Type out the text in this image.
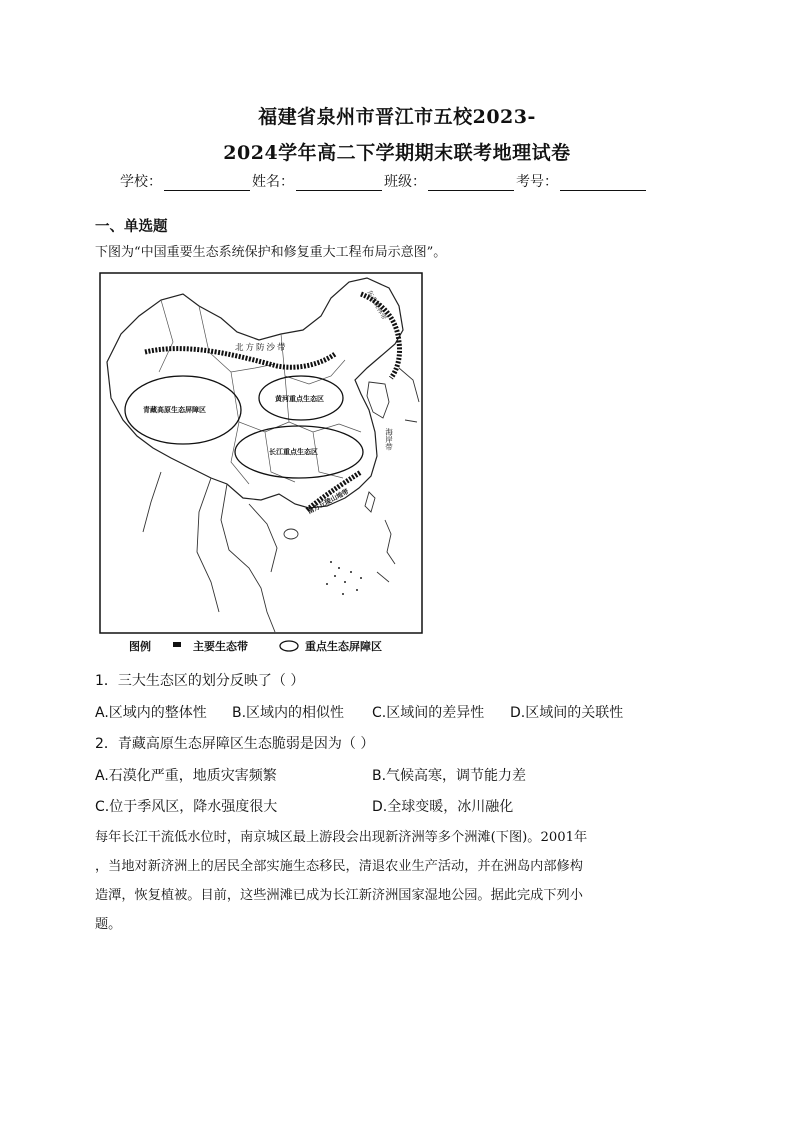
福建省泉州市晋江市五校2023-
2024学年高二下学期期末联考地理试卷
学校：	姓名：	班级：	考号：
一、单选题
下图为“中国重要生态系统保护和修复重大工程布局示意图”。
北方防沙带
东北森林带
青藏高原生态屏障区
黄河重点生态区
长江重点生态区
海岸带
南方丘陵山地带
图例	主要生态带	重点生态屏障区
1．三大生态区的划分反映了（ ）
A.区域内的整体性 B.区域内的相似性 C.区域间的差异性 D.区域间的关联性
2．青藏高原生态屏障区生态脆弱是因为（ ）
A.石漠化严重，地质灾害频繁	B.气候高寒，调节能力差
C.位于季风区，降水强度很大	D.全球变暖，冰川融化

每年长江干流低水位时，南京城区最上游段会出现新济洲等多个洲滩(下图)。2001年

，当地对新济洲上的居民全部实施生态移民，清退农业生产活动，并在洲岛内部修构

造潭，恢复植被。目前，这些洲滩已成为长江新济洲国家湿地公园。据此完成下列小

题。
